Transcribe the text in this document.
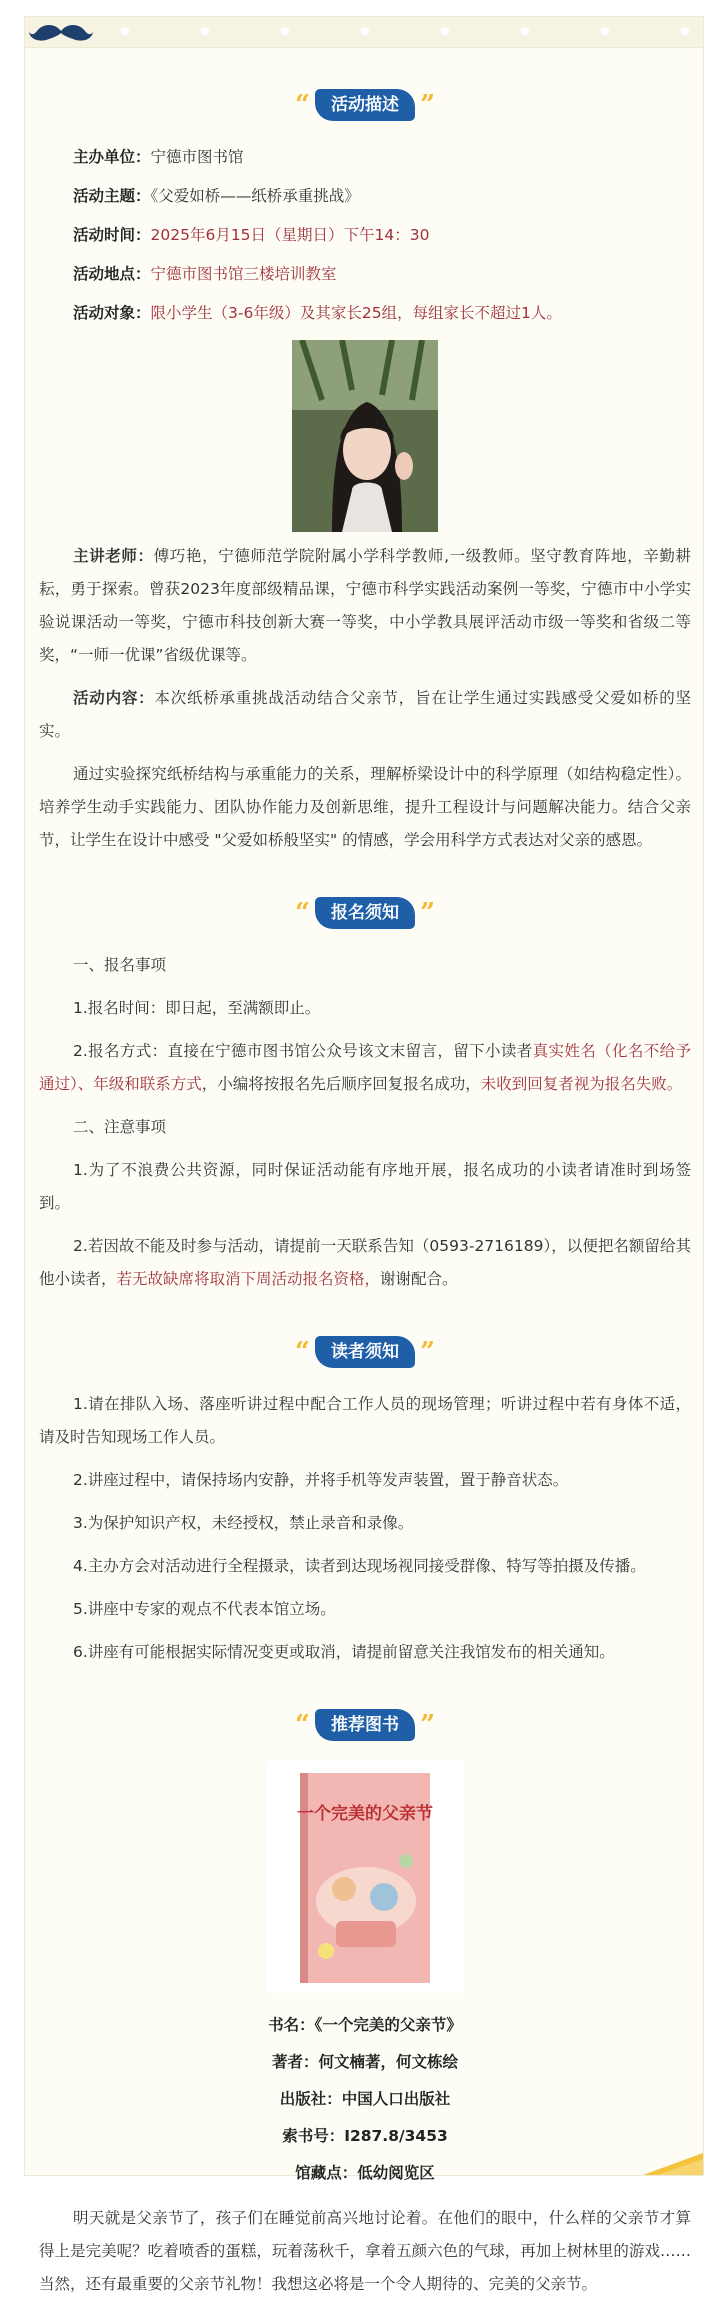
“ 活动描述 ”

主办单位：宁德市图书馆

活动主题：《父爱如桥——纸桥承重挑战》

活动时间：2025年6月15日（星期日）下午14：30

活动地点：宁德市图书馆三楼培训教室

活动对象：限小学生（3-6年级）及其家长25组，每组家长不超过1人。

主讲老师：傅巧艳，宁德师范学院附属小学科学教师,一级教师。坚守教育阵地，辛勤耕耘，勇于探索。曾获2023年度部级精品课，宁德市科学实践活动案例一等奖，宁德市中小学实验说课活动一等奖，宁德市科技创新大赛一等奖，中小学教具展评活动市级一等奖和省级二等奖，“一师一优课”省级优课等。

活动内容：本次纸桥承重挑战活动结合父亲节，旨在让学生通过实践感受父爱如桥的坚实。

通过实验探究纸桥结构与承重能力的关系，理解桥梁设计中的科学原理（如结构稳定性）。培养学生动手实践能力、团队协作能力及创新思维，提升工程设计与问题解决能力。结合父亲节，让学生在设计中感受 "父爱如桥般坚实" 的情感，学会用科学方式表达对父亲的感恩。

“ 报名须知 ”

一、报名事项

1.报名时间：即日起，至满额即止。

2.报名方式：直接在宁德市图书馆公众号该文末留言，留下小读者真实姓名（化名不给予通过）、年级和联系方式，小编将按报名先后顺序回复报名成功，未收到回复者视为报名失败。

二、注意事项

1.为了不浪费公共资源，同时保证活动能有序地开展，报名成功的小读者请准时到场签到。

2.若因故不能及时参与活动，请提前一天联系告知（0593-2716189），以便把名额留给其他小读者，若无故缺席将取消下周活动报名资格，谢谢配合。

“ 读者须知 ”

1.请在排队入场、落座听讲过程中配合工作人员的现场管理；听讲过程中若有身体不适，请及时告知现场工作人员。

2.讲座过程中，请保持场内安静，并将手机等发声装置，置于静音状态。

3.为保护知识产权，未经授权，禁止录音和录像。

4.主办方会对活动进行全程摄录，读者到达现场视同接受群像、特写等拍摄及传播。

5.讲座中专家的观点不代表本馆立场。

6.讲座有可能根据实际情况变更或取消，请提前留意关注我馆发布的相关通知。

“ 推荐图书 ”
一个完美的父亲节

书名：《一个完美的父亲节》

著者：何文楠著，何文栋绘

出版社：中国人口出版社

索书号：I287.8/3453

馆藏点：低幼阅览区

明天就是父亲节了，孩子们在睡觉前高兴地讨论着。在他们的眼中，什么样的父亲节才算得上是完美呢？吃着喷香的蛋糕，玩着荡秋千，拿着五颜六色的气球，再加上树林里的游戏……当然，还有最重要的父亲节礼物！我想这必将是一个令人期待的、完美的父亲节。
